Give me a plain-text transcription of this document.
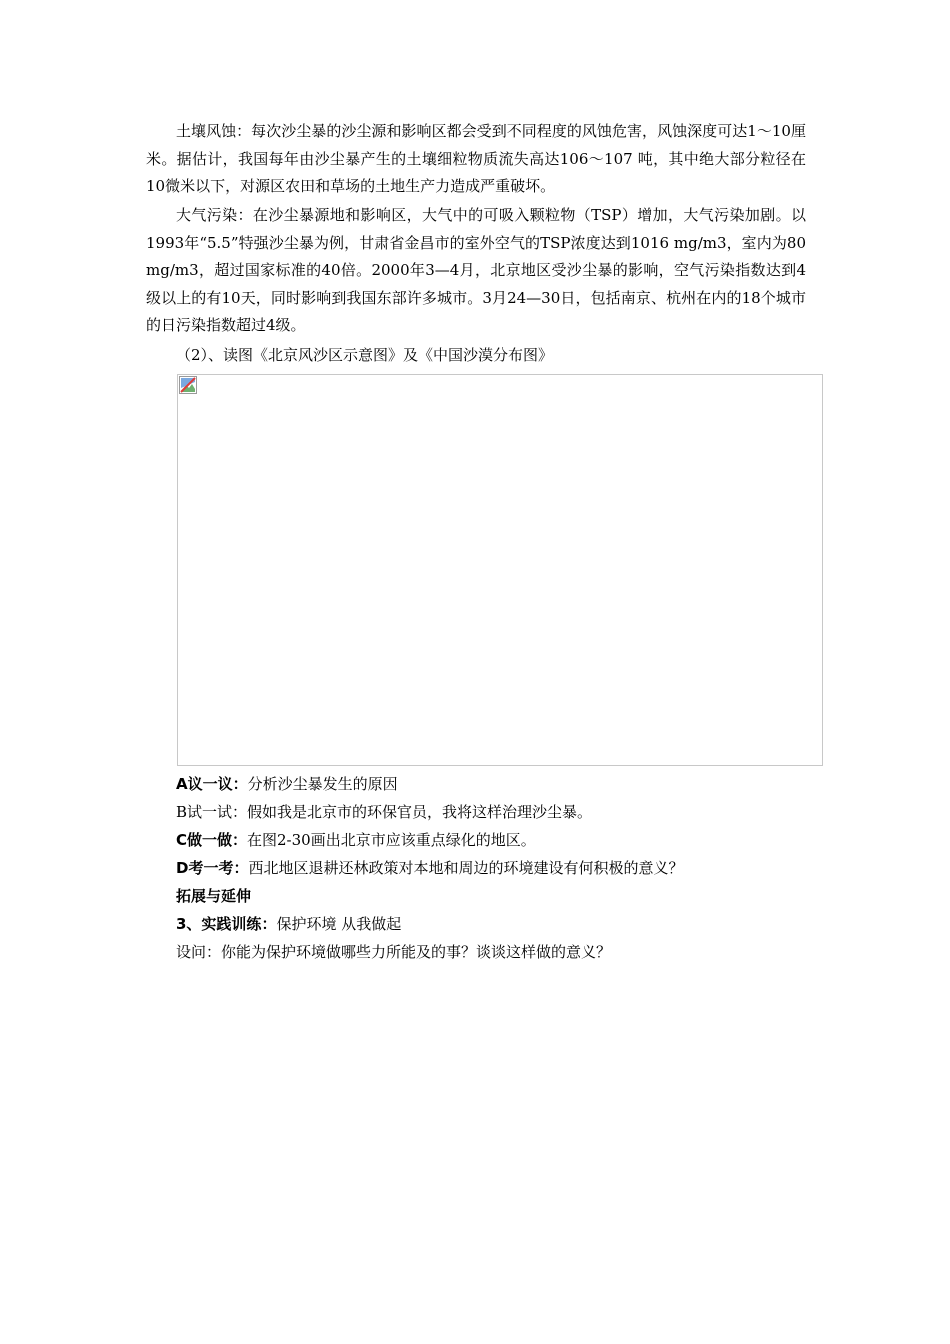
土壤风蚀：每次沙尘暴的沙尘源和影响区都会受到不同程度的风蚀危害，风蚀深度可达1～10厘米。据估计，我国每年由沙尘暴产生的土壤细粒物质流失高达106～107 吨，其中绝大部分粒径在10微米以下，对源区农田和草场的土地生产力造成严重破坏。

大气污染：在沙尘暴源地和影响区，大气中的可吸入颗粒物（TSP）增加，大气污染加剧。以1993年“5.5”特强沙尘暴为例，甘肃省金昌市的室外空气的TSP浓度达到1016 mg/m3，室内为80 mg/m3，超过国家标准的40倍。2000年3—4月，北京地区受沙尘暴的影响，空气污染指数达到4级以上的有10天，同时影响到我国东部许多城市。3月24—30日，包括南京、杭州在内的18个城市的日污染指数超过4级。

（2）、读图《北京风沙区示意图》及《中国沙漠分布图》

A议一议：分析沙尘暴发生的原因

B试一试：假如我是北京市的环保官员，我将这样治理沙尘暴。

C做一做：在图2-30画出北京市应该重点绿化的地区。

D考一考：西北地区退耕还林政策对本地和周边的环境建设有何积极的意义？

拓展与延伸

3、实践训练：保护环境 从我做起

设问：你能为保护环境做哪些力所能及的事？谈谈这样做的意义？
